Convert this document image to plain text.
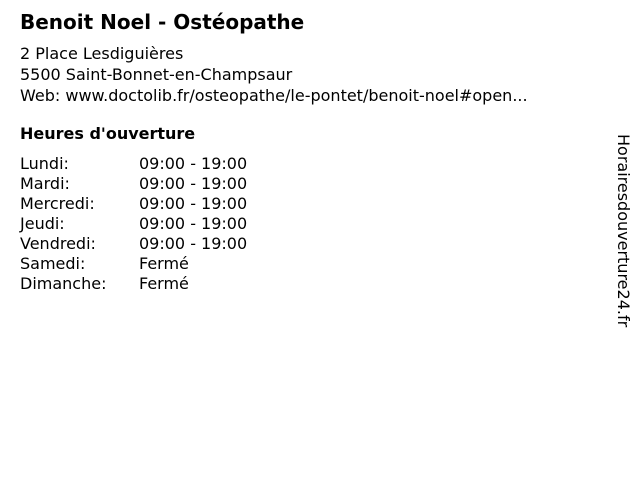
Benoit Noel - Ostéopathe
2 Place Lesdiguières
5500 Saint-Bonnet-en-Champsaur
Web: www.doctolib.fr/osteopathe/le-pontet/benoit-noel#open...
Heures d'ouverture
Lundi:	09:00 - 19:00
Mardi:	09:00 - 19:00
Mercredi:	09:00 - 19:00
Jeudi:	09:00 - 19:00
Vendredi:	09:00 - 19:00
Samedi:	Fermé
Dimanche:	Fermé	Horairesdouverture24.fr
